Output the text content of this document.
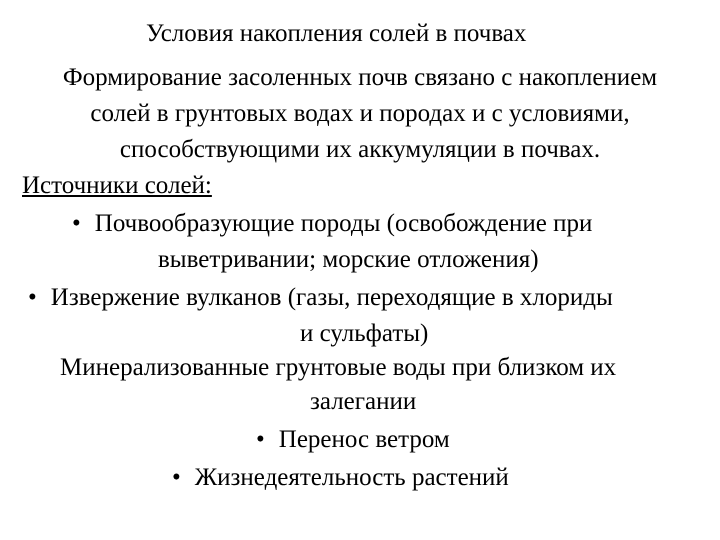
Условия накопления солей в почвах
Формирование засоленных почв связано с накоплением
солей в грунтовых водах и породах и с условиями,
способствующими их аккумуляции в почвах.
Источники солей:
• Почвообразующие породы (освобождение при
выветривании; морские отложения)
• Извержение вулканов (газы, переходящие в хлориды
и сульфаты)
Минерализованные грунтовые воды при близком их
залегании
• Перенос ветром
• Жизнедеятельность растений
